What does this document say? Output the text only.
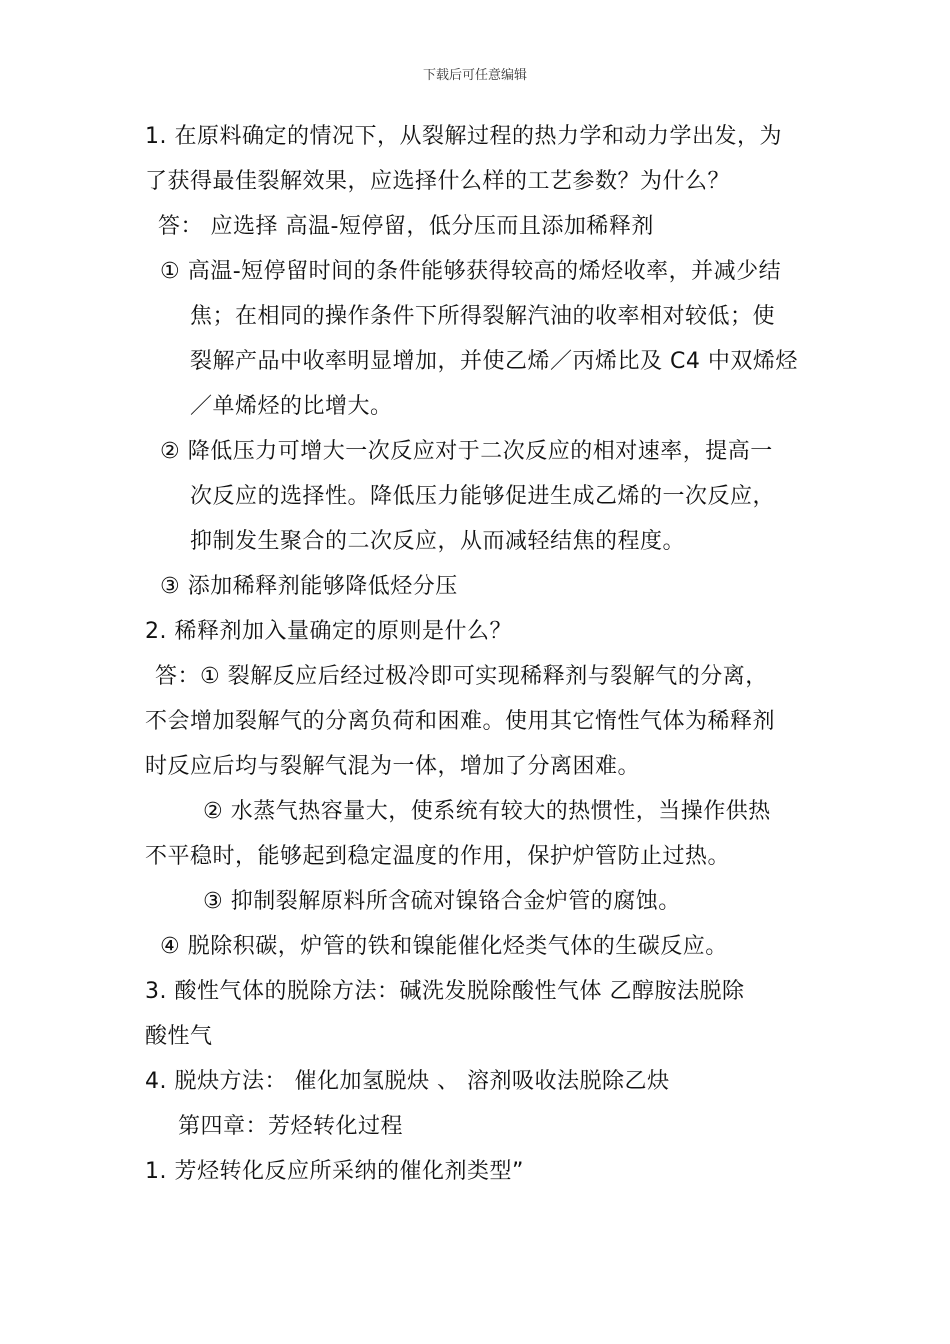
下载后可任意编辑
1. 在原料确定的情况下，从裂解过程的热力学和动力学出发，为
了获得最佳裂解效果，应选择什么样的工艺参数？为什么？
答： 应选择 高温-短停留，低分压而且添加稀释剂
① 高温-短停留时间的条件能够获得较高的烯烃收率，并减少结
焦；在相同的操作条件下所得裂解汽油的收率相对较低；使
裂解产品中收率明显增加，并使乙烯／丙烯比及 C4 中双烯烃
／单烯烃的比增大。
② 降低压力可增大一次反应对于二次反应的相对速率，提高一
次反应的选择性。降低压力能够促进生成乙烯的一次反应，
抑制发生聚合的二次反应，从而减轻结焦的程度。
③ 添加稀释剂能够降低烃分压
2. 稀释剂加入量确定的原则是什么？
答：① 裂解反应后经过极冷即可实现稀释剂与裂解气的分离，
不会增加裂解气的分离负荷和困难。使用其它惰性气体为稀释剂
时反应后均与裂解气混为一体，增加了分离困难。
② 水蒸气热容量大，使系统有较大的热惯性，当操作供热
不平稳时，能够起到稳定温度的作用，保护炉管防止过热。
③ 抑制裂解原料所含硫对镍铬合金炉管的腐蚀。
④ 脱除积碳，炉管的铁和镍能催化烃类气体的生碳反应。
3. 酸性气体的脱除方法：碱洗发脱除酸性气体 乙醇胺法脱除
酸性气
4. 脱炔方法： 催化加氢脱炔 、 溶剂吸收法脱除乙炔
第四章：芳烃转化过程
1. 芳烃转化反应所采纳的催化剂类型”
